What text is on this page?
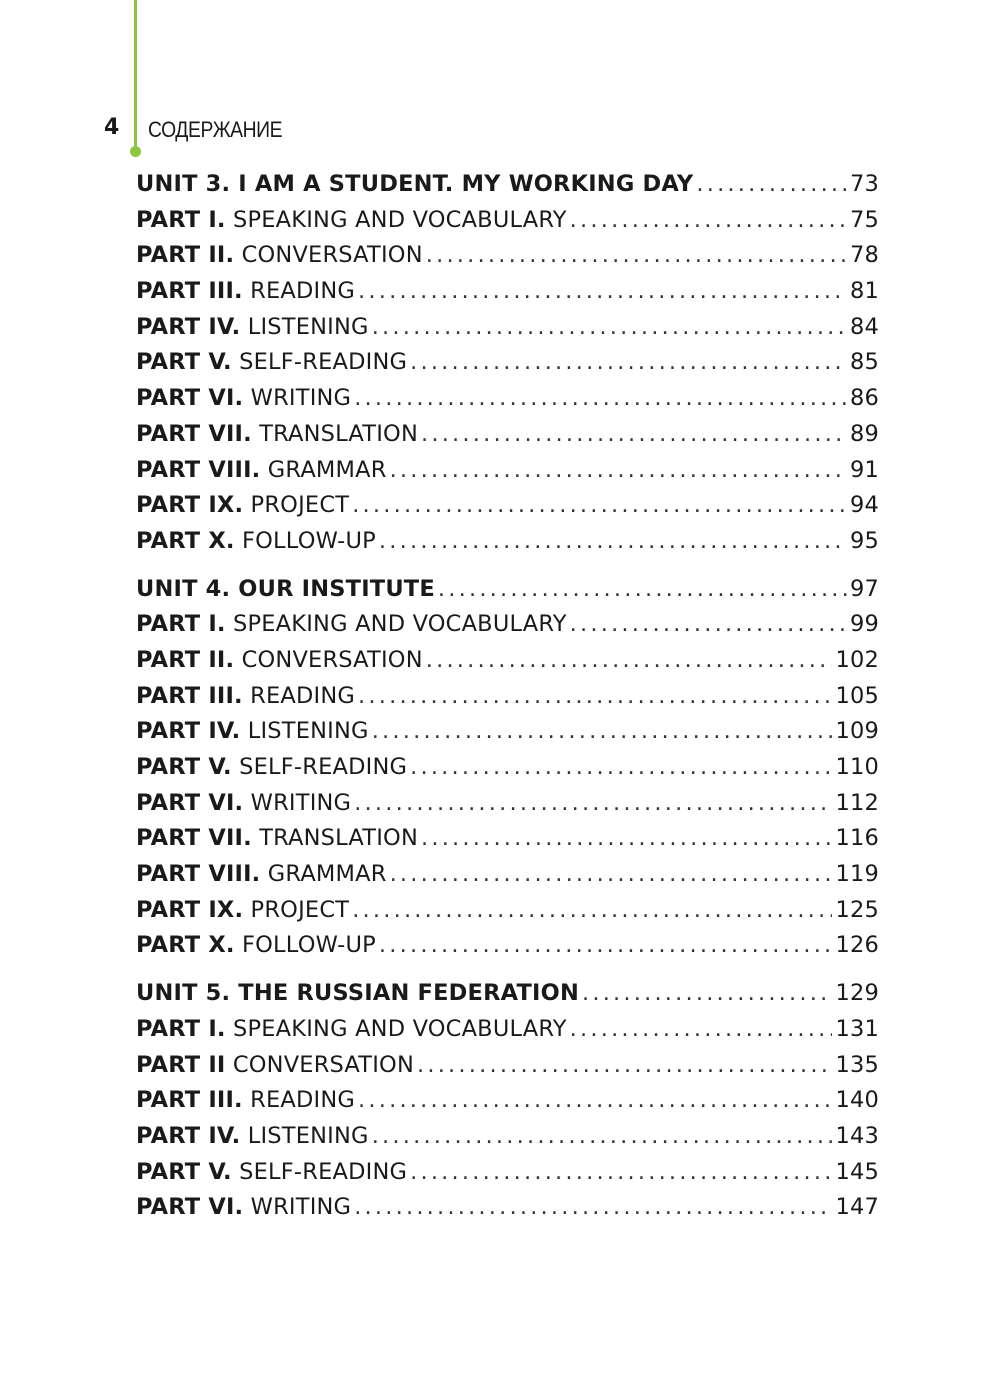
4 СОДЕРЖАНИЕ
UNIT 3. I AM A STUDENT. MY WORKING DAY .....	73
PART I. SPEAKING AND VOCABULARY .....	75
PART II. CONVERSATION .....	78
PART III. READING .....	81
PART IV. LISTENING .....	84
PART V. SELF-READING .....	85
PART VI. WRITING .....	86
PART VII. TRANSLATION .....	89
PART VIII. GRAMMAR .....	91
PART IX. PROJECT .....	94
PART X. FOLLOW-UP .....	95
UNIT 4. OUR INSTITUTE .....	97
PART I. SPEAKING AND VOCABULARY .....	99
PART II. CONVERSATION .....	102
PART III. READING .....	105
PART IV. LISTENING .....	109
PART V. SELF-READING .....	110
PART VI. WRITING .....	112
PART VII. TRANSLATION .....	116
PART VIII. GRAMMAR .....	119
PART IX. PROJECT .....	125
PART X. FOLLOW-UP .....	126
UNIT 5. THE RUSSIAN FEDERATION .....	129
PART I. SPEAKING AND VOCABULARY .....	131
PART II CONVERSATION .....	135
PART III. READING .....	140
PART IV. LISTENING .....	143
PART V. SELF-READING .....	145
PART VI. WRITING .....	147
